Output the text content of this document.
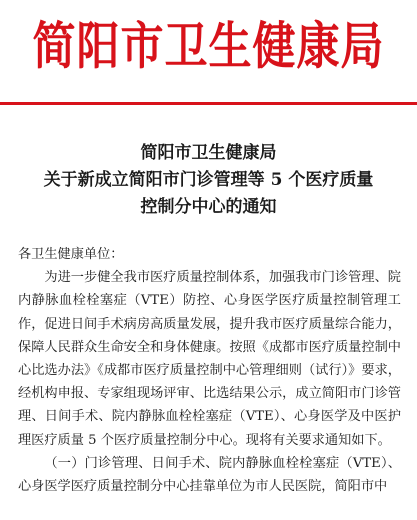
简阳市卫生健康局
简阳市卫生健康局
关于新成立简阳市门诊管理等 5 个医疗质量
控制分中心的通知
各卫生健康单位：

为进一步健全我市医疗质量控制体系，加强我市门诊管理、院内静脉血栓栓塞症（VTE）防控、心身医学医疗质量控制管理工作，促进日间手术病房高质量发展，提升我市医疗质量综合能力，保障人民群众生命安全和身体健康。按照《成都市医疗质量控制中心比选办法》《成都市医疗质量控制中心管理细则（试行）》要求，经机构申报、专家组现场评审、比选结果公示，成立简阳市门诊管理、日间手术、院内静脉血栓栓塞症（VTE）、心身医学及中医护理医疗质量 5 个医疗质量控制分中心。现将有关要求通知如下。

（一）门诊管理、日间手术、院内静脉血栓栓塞症（VTE）、心身医学医疗质量控制分中心挂靠单位为市人民医院，简阳市中
